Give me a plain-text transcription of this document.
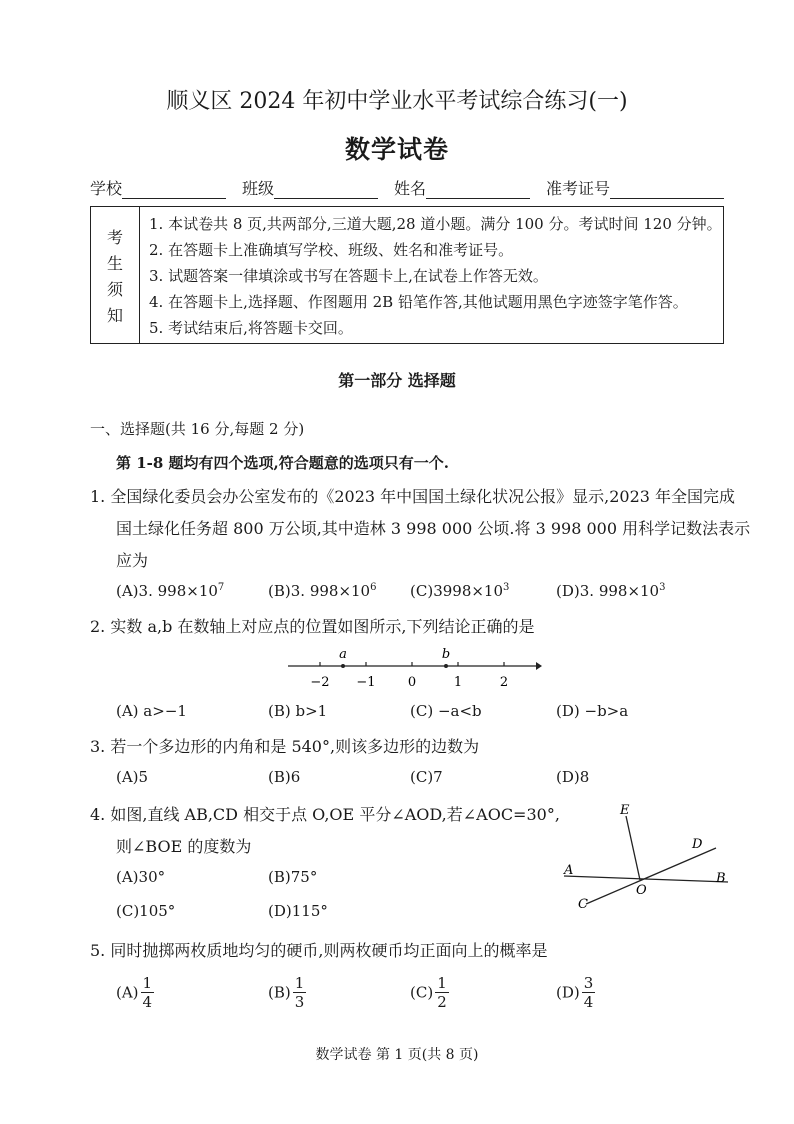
顺义区 2024 年初中学业水平考试综合练习(一)
数学试卷
学校	班级	姓名	准考证号
考
生
须
知
1. 本试卷共 8 页,共两部分,三道大题,28 道小题。满分 100 分。考试时间 120 分钟。
2. 在答题卡上准确填写学校、班级、姓名和准考证号。
3. 试题答案一律填涂或书写在答题卡上,在试卷上作答无效。
4. 在答题卡上,选择题、作图题用 2B 铅笔作答,其他试题用黑色字迹签字笔作答。
5. 考试结束后,将答题卡交回。
第一部分 选择题
一、选择题(共 16 分,每题 2 分)
第 1-8 题均有四个选项,符合题意的选项只有一个.
1. 全国绿化委员会办公室发布的《2023 年中国国土绿化状况公报》显示,2023 年全国完成
国土绿化任务超 800 万公顷,其中造林 3 998 000 公顷.将 3 998 000 用科学记数法表示
应为
(A)3. $998\times 10^7$	(B)3. $998\times 10^6$ $(C)3998\times 10^3$	(D)3. $998\times 10^3$
2. 实数 a,b 在数轴上对应点的位置如图所示,下列结论正确的是
a	b
−2 −1 0	1	2
(A) a>−1	(B) b>1	(C) −a<b	(D) −b>a
3. 若一个多边形的内角和是 540°,则该多边形的边数为
(A)5	(B)6	(C)7	(D)8
4. 如图,直线 AB,CD 相交于点 O,OE 平分∠AOD,若∠AOC=30°,
则∠BOE 的度数为
(A)30°	(B)75°
(C)105°	(D)115°
E
D
A
O
B
C
5. 同时抛掷两枚质地均匀的硬币,则两枚硬币均正面向上的概率是
$(A) \frac{1}{4}$	$(B) \frac{1}{3}$	$(C) \frac{1}{2}$	$(D) \frac{3}{4}$
数学试卷 第 1 页(共 8 页)
